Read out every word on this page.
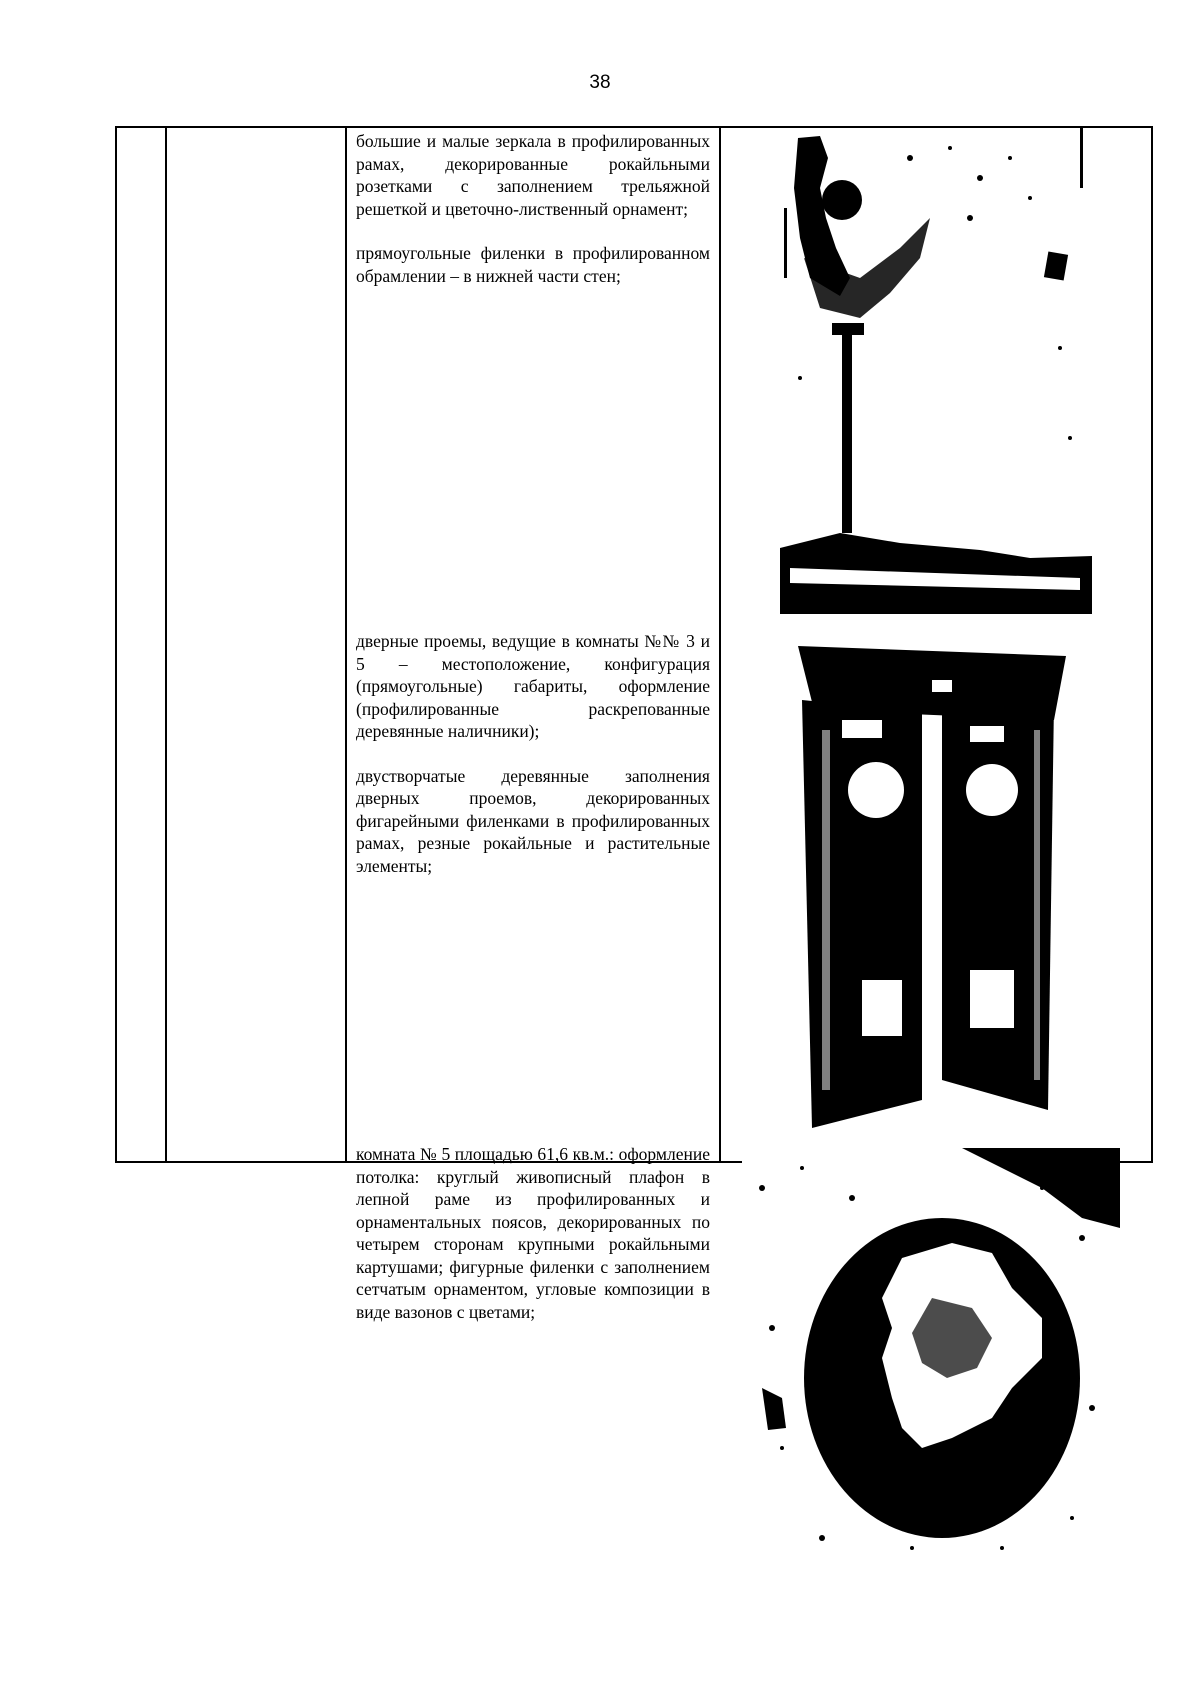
38

большие и малые зеркала в профилированных рамах, декорированные рокайльными розетками с заполнением трельяжной решеткой и цветочно-лиственный орнамент;

прямоугольные филенки в профилированном обрамлении – в нижней части стен;

дверные проемы, ведущие в комнаты №№ 3 и 5 – местоположение, конфигурация (прямоугольные) габариты, оформление (профилированные раскрепованные деревянные наличники);

двустворчатые деревянные заполнения дверных проемов, декорированных фигарейными филенками в профилированных рамах, резные рокайльные и растительные элементы;

комната № 5 площадью 61,6 кв.м.: оформление потолка: круглый живописный плафон в лепной раме из профилированных и орнаментальных поясов, декорированных по четырем сторонам крупными рокайльными картушами; фигурные филенки с заполнением сетчатым орнаментом, угловые композиции в виде вазонов с цветами;
